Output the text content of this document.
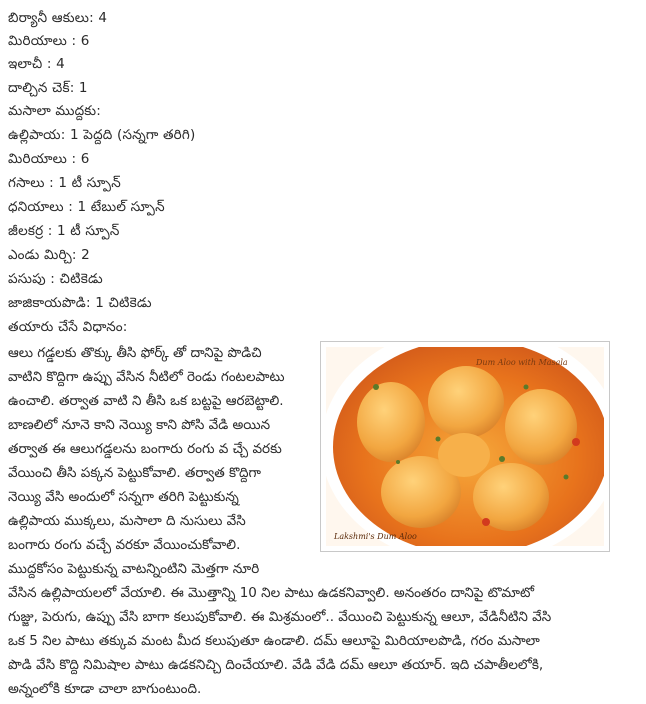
బిర్యానీ ఆకులు: 4
మిరియాలు : 6
ఇలాచీ : 4
దాల్చిన చెక్: 1
మసాలా ముద్దకు:
ఉల్లిపాయ: 1 పెద్దది (సన్నగా తరిగి)
మిరియాలు : 6
గసాలు : 1 టీ స్పూన్
ధనియాలు : 1 టేబుల్ స్పూన్
జీలకర్ర : 1 టీ స్పూన్
ఎండు మిర్చి: 2
పసుపు : చిటికెడు
జాజికాయపొడి: 1 చిటికెడు
తయారు చేసే విధానం:
ఆలు గడ్డలకు తొక్కు తీసి ఫోర్క్ తో దానిపై పొడిచి
వాటిని కొద్దిగా ఉప్పు వేసిన నీటిలో రెండు గంటలపాటు
ఉంచాలి. తర్వాత వాటి ని తీసి ఒక బట్టపై ఆరబెట్టాలి.
బాణలిలో నూనె కాని నెయ్యి కాని పోసి వేడి అయిన
తర్వాత ఈ ఆలుగడ్డలను బంగారు రంగు వ చ్చే వరకు
వేయించి తీసి పక్కన పెట్టుకోవాలి. తర్వాత కొద్దిగా
నెయ్యి వేసి అందులో సన్నగా తరిగి పెట్టుకున్న
ఉల్లిపాయ ముక్కలు, మసాలా ది నుసులు వేసి
బంగారు రంగు వచ్చే వరకూ వేయించుకోవాలి.
ముద్దకోసం పెట్టుకున్న వాటన్నింటిని మెత్తగా నూరి
వేసిన ఉల్లిపాయలలో వేయాలి. ఈ మొత్తాన్ని 10 నిల పాటు ఉడకనివ్వాలి. అనంతరం దానిపై టొమాటో
గుజ్జు, పెరుగు, ఉప్పు వేసి బాగా కలుపుకోవాలి. ఈ మిశ్రమంలో.. వేయించి పెట్టుకున్న ఆలూ, వేడినీటిని వేసి
ఒక 5 నిల పాటు తక్కువ మంట మీద కలుపుతూ ఉండాలి. దమ్ ఆలూపై మిరియాలపొడి, గరం మసాలా
పొడి వేసి కొద్ది నిమిషాల పాటు ఉడకనిచ్చి దించేయాలి. వేడి వేడి దమ్ ఆలూ తయార్. ఇది చపాతీలలోకి,
అన్నంలోకి కూడా చాలా బాగుంటుంది.
Dum Aloo with Masala
Lakshmi's Dum Aloo
